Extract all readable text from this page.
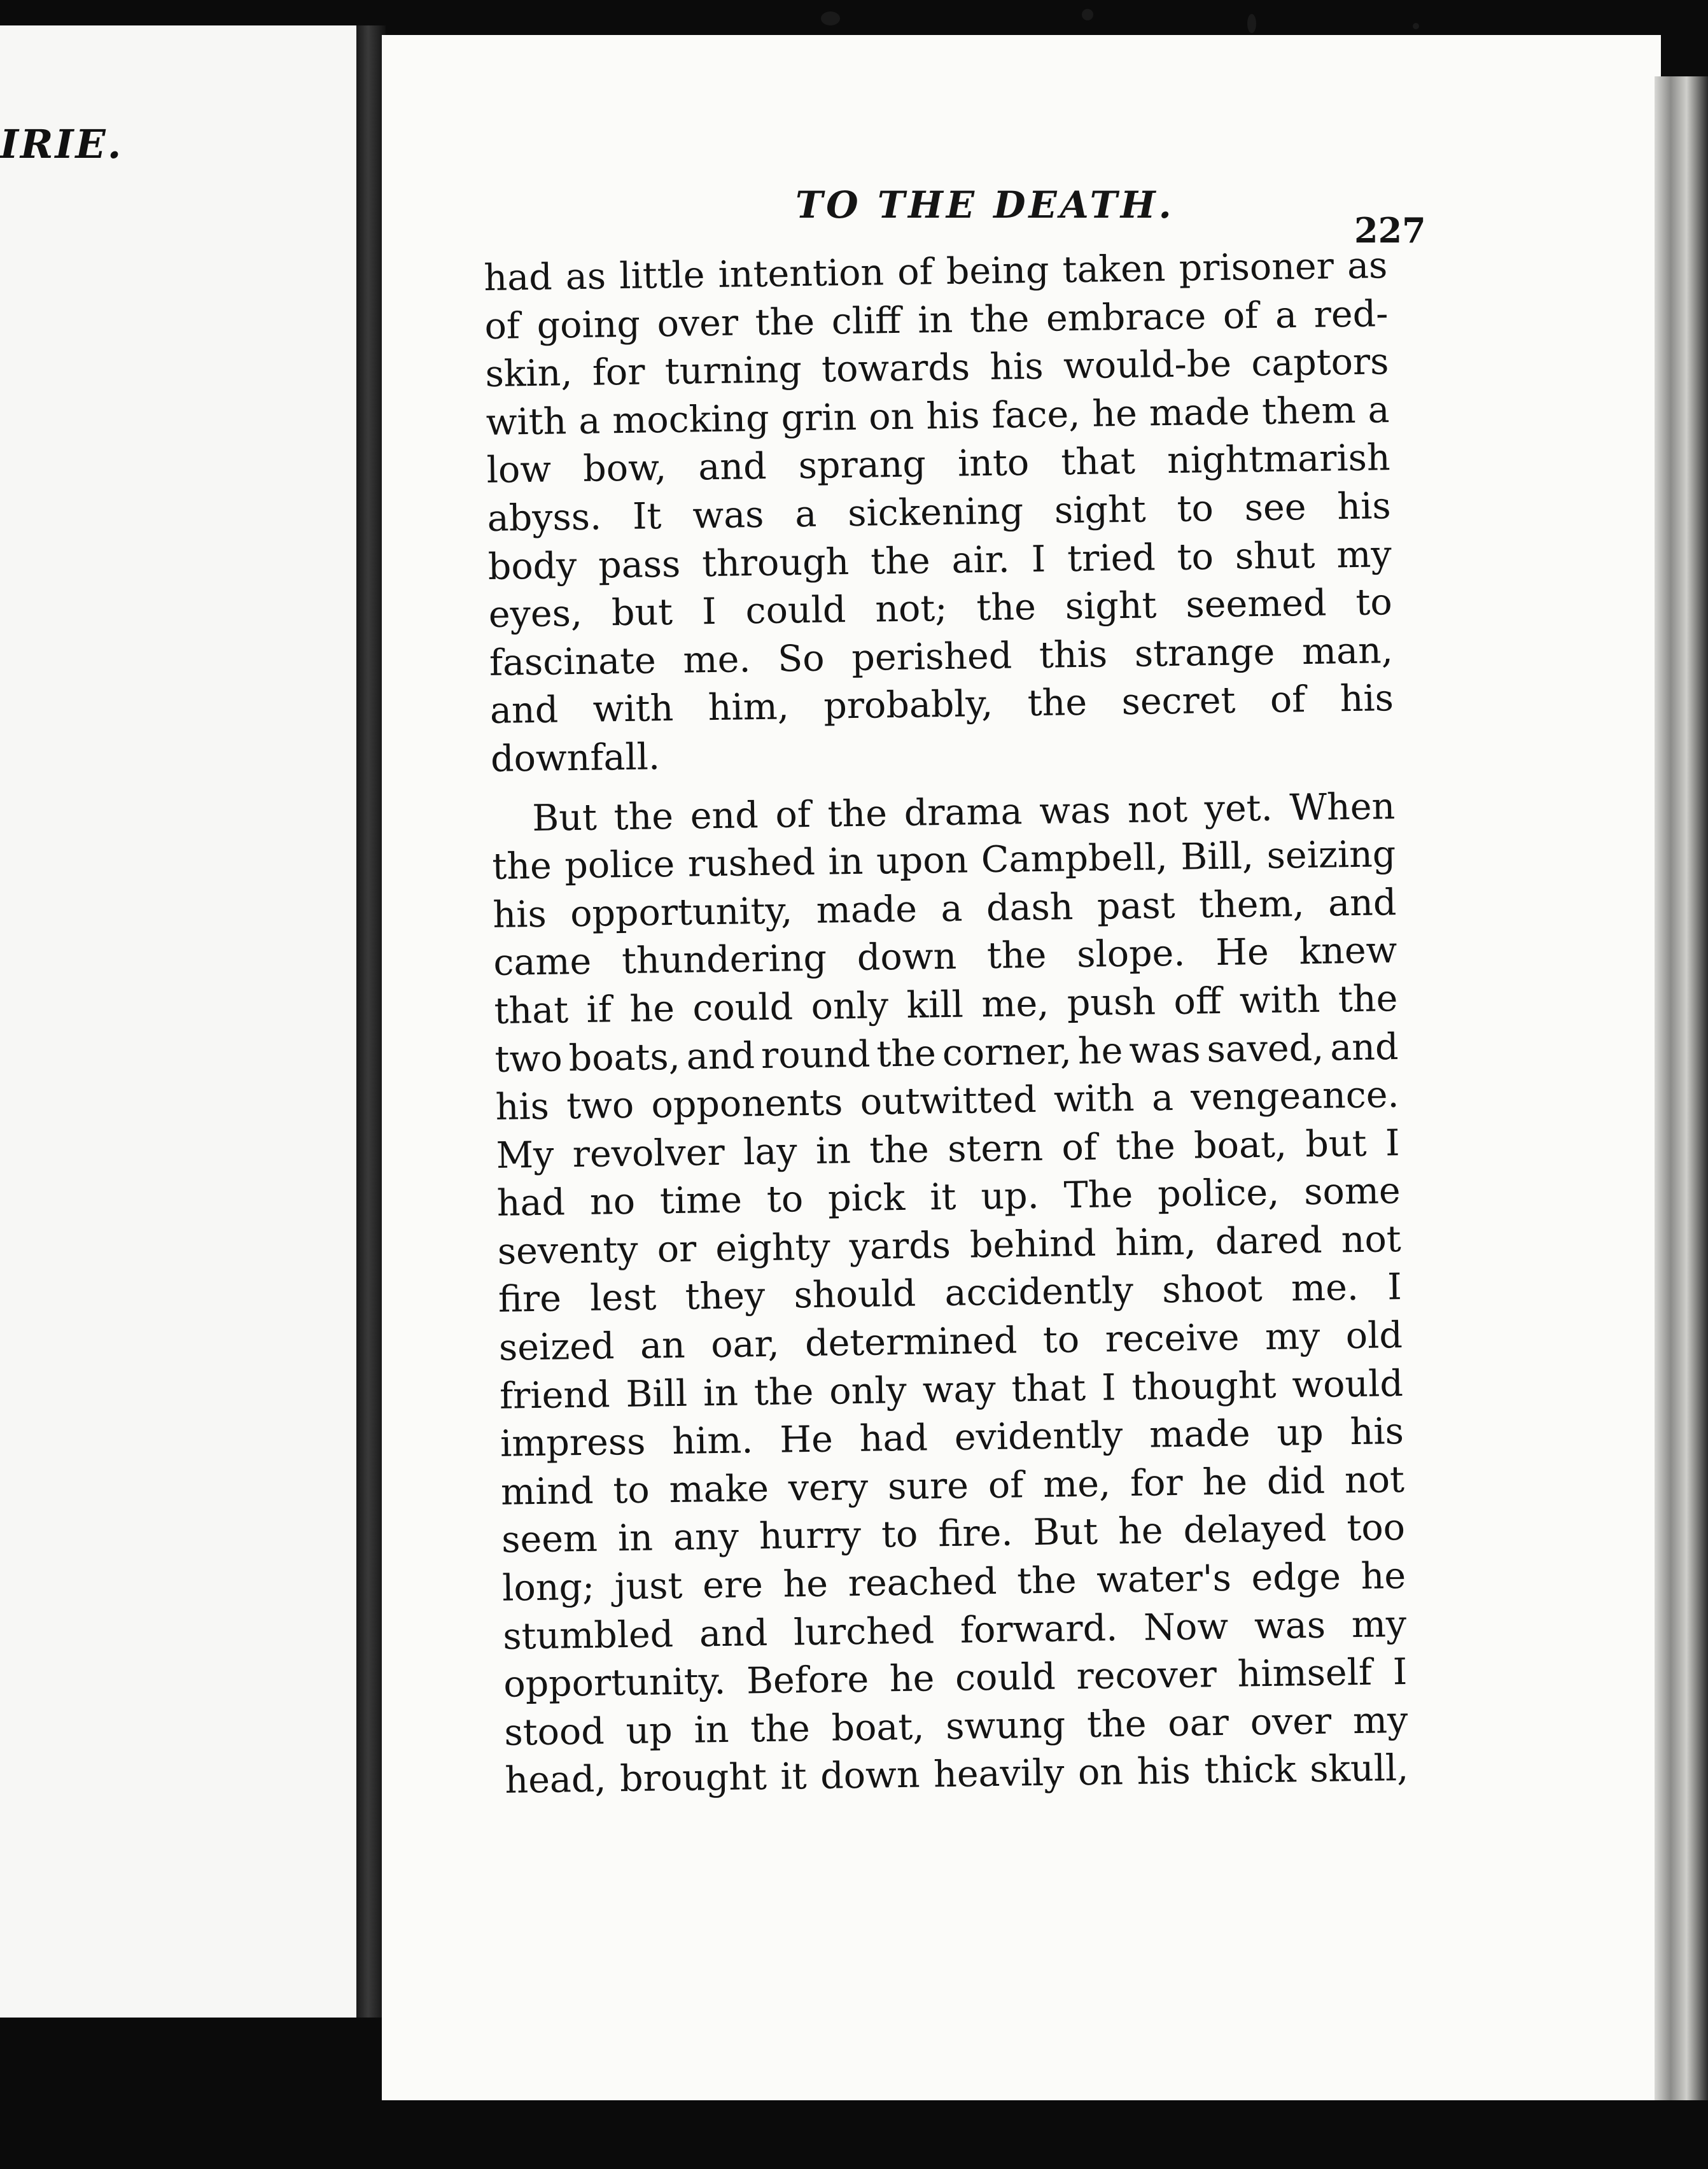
IRIE.
TO THE DEATH.
227
had as little intention of being taken prisoner as
of going over the cliff in the embrace of a red-
skin, for turning towards his would-be captors
with a mocking grin on his face, he made them a
low bow, and sprang into that nightmarish
abyss. It was a sickening sight to see his
body pass through the air. I tried to shut my
eyes, but I could not; the sight seemed to
fascinate me. So perished this strange man,
and with him, probably, the secret of his
downfall.
But the end of the drama was not yet. When
the police rushed in upon Campbell, Bill, seizing
his opportunity, made a dash past them, and
came thundering down the slope. He knew
that if he could only kill me, push off with the
two boats, and round the corner, he was saved, and
his two opponents outwitted with a vengeance.
My revolver lay in the stern of the boat, but I
had no time to pick it up. The police, some
seventy or eighty yards behind him, dared not
fire lest they should accidently shoot me. I
seized an oar, determined to receive my old
friend Bill in the only way that I thought would
impress him. He had evidently made up his
mind to make very sure of me, for he did not
seem in any hurry to fire. But he delayed too
long; just ere he reached the water's edge he
stumbled and lurched forward. Now was my
opportunity. Before he could recover himself I
stood up in the boat, swung the oar over my
head, brought it down heavily on his thick skull,
